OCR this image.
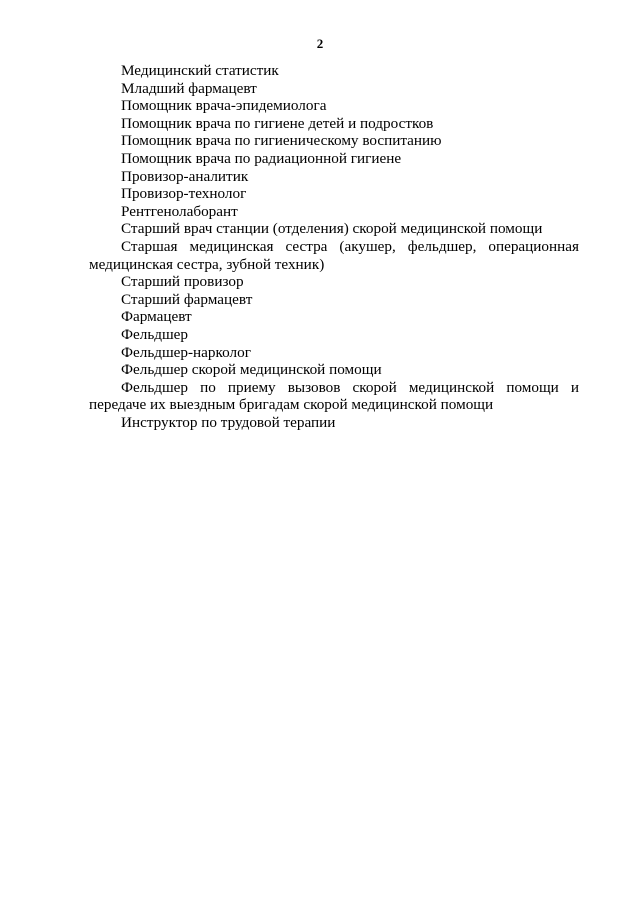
2

Медицинский статистик

Младший фармацевт

Помощник врача-эпидемиолога

Помощник врача по гигиене детей и подростков

Помощник врача по гигиеническому воспитанию

Помощник врача по радиационной гигиене

Провизор-аналитик

Провизор-технолог

Рентгенолаборант

Старший врач станции (отделения) скорой медицинской помощи

Старшая медицинская сестра (акушер, фельдшер, операционная медицинская сестра, зубной техник)

Старший провизор

Старший фармацевт

Фармацевт

Фельдшер

Фельдшер-нарколог

Фельдшер скорой медицинской помощи

Фельдшер по приему вызовов скорой медицинской помощи и передаче их выездным бригадам скорой медицинской помощи

Инструктор по трудовой терапии
